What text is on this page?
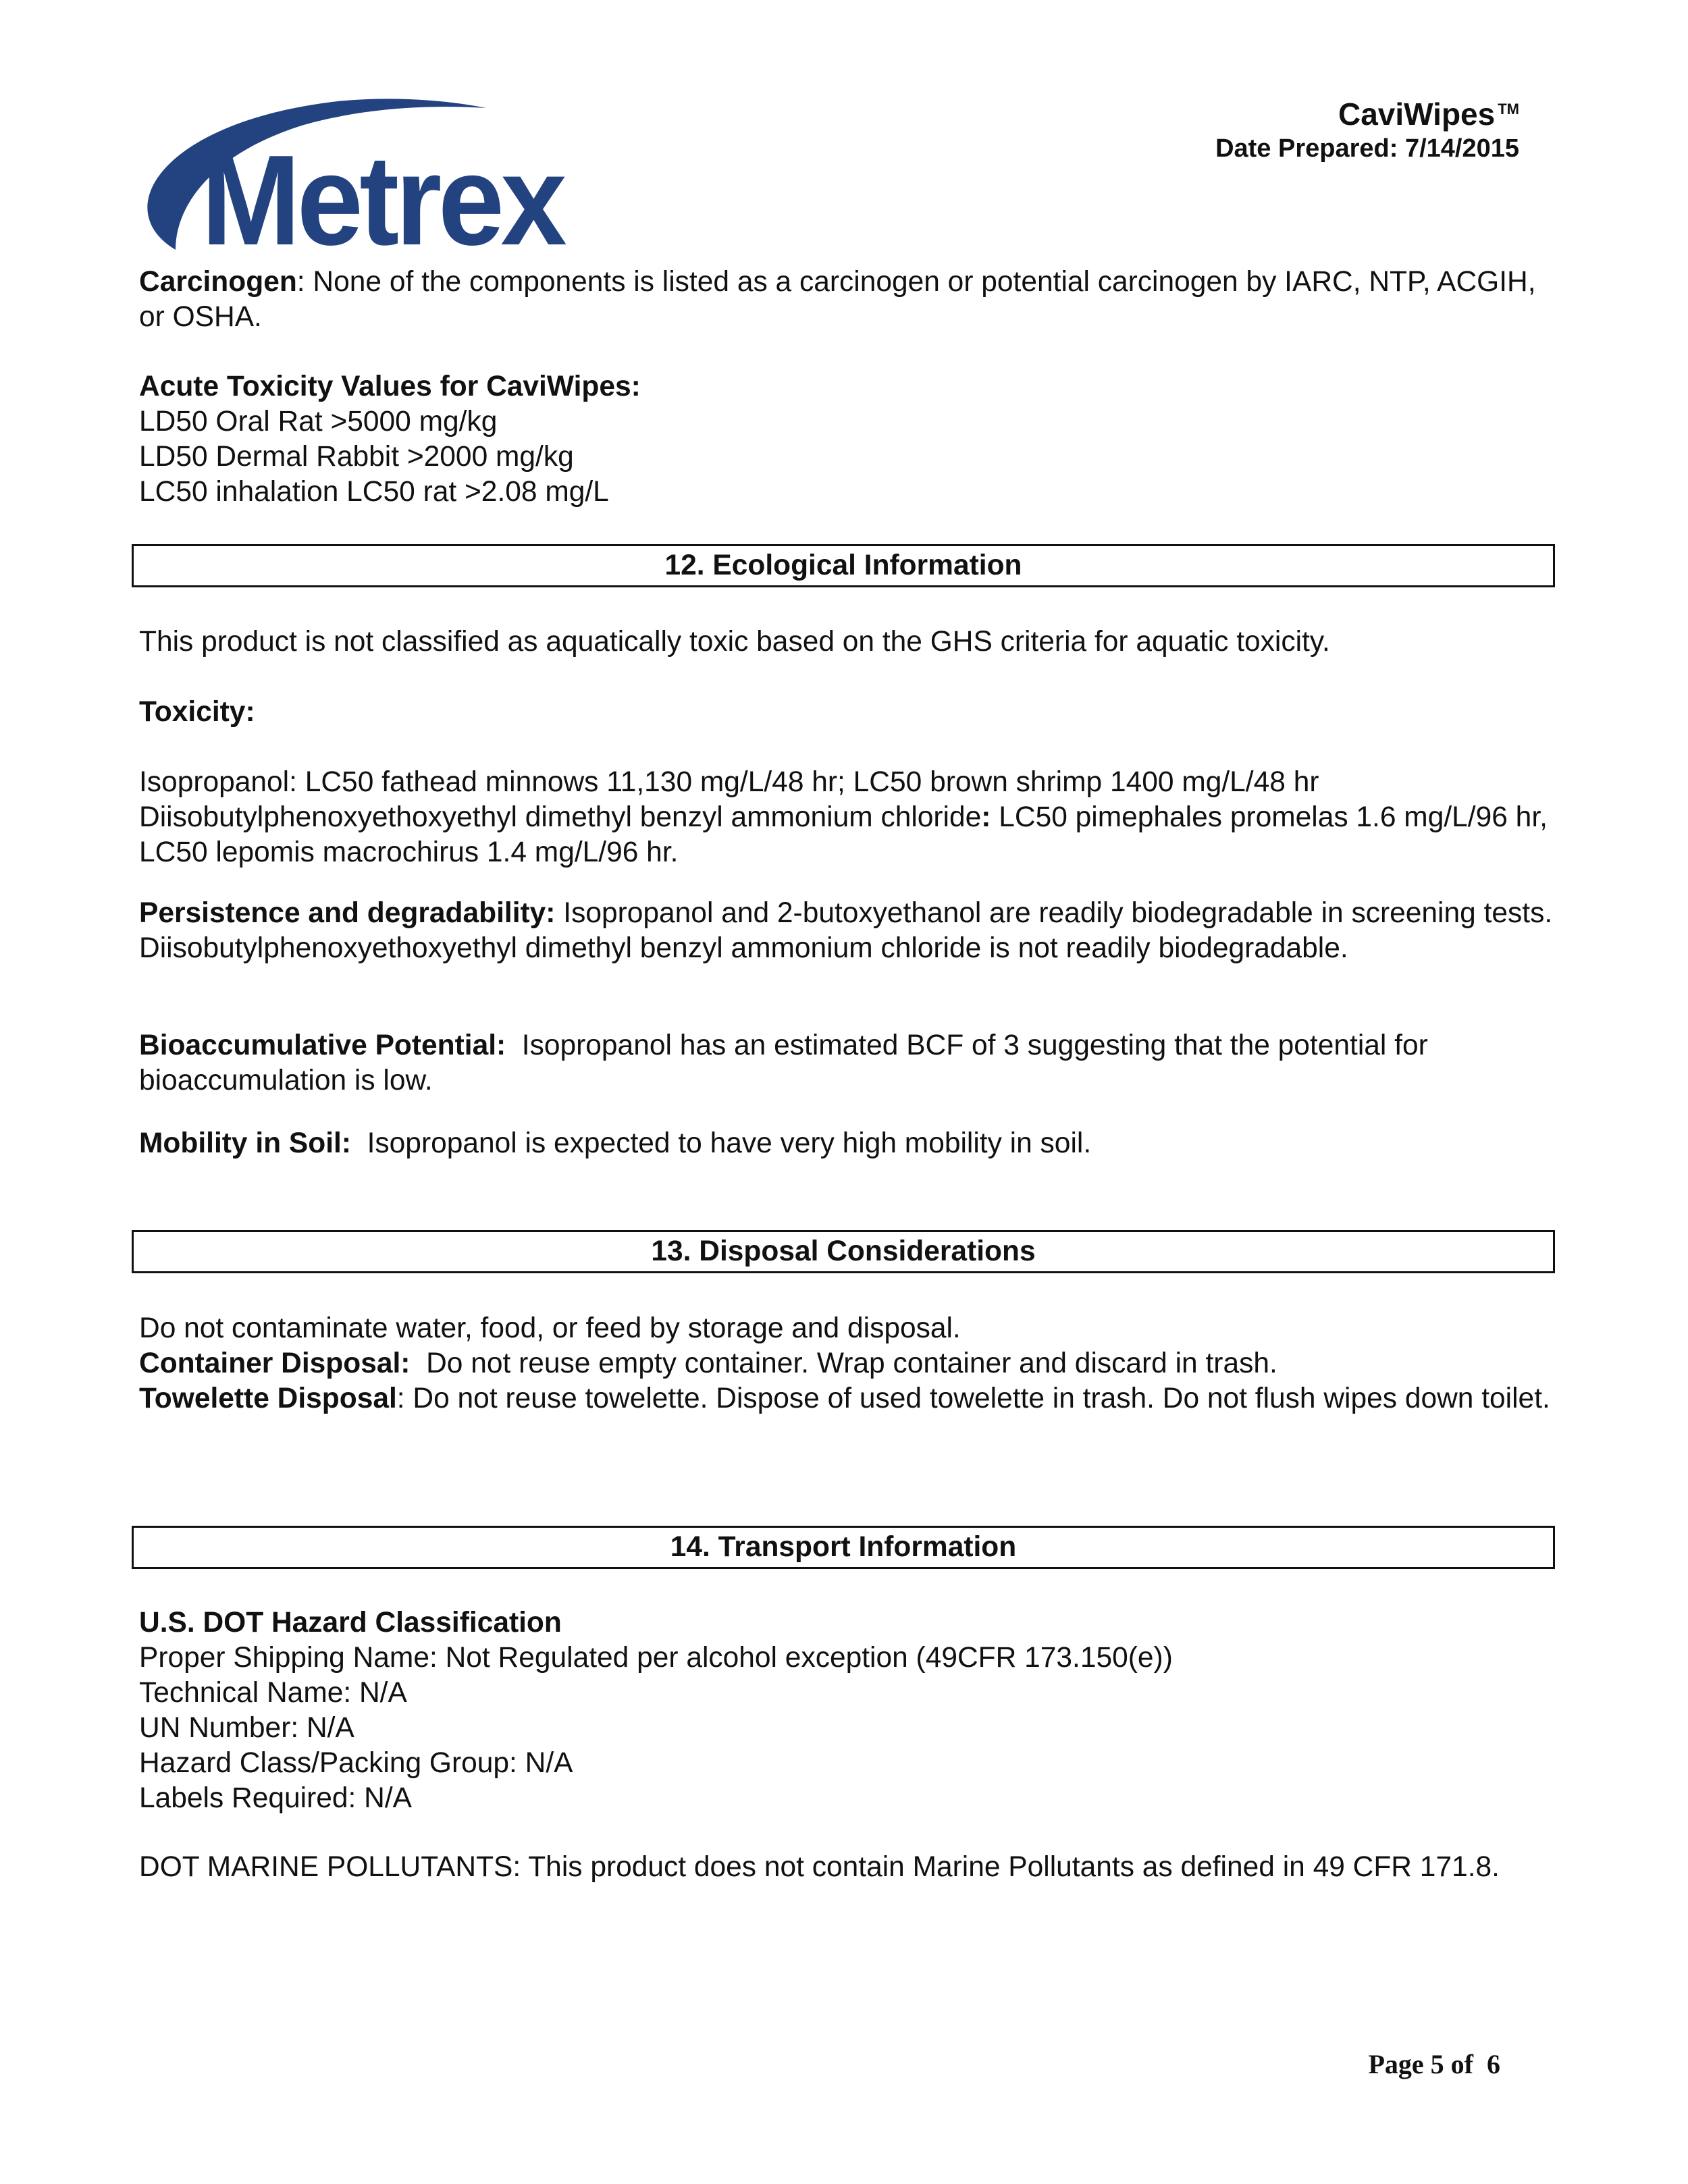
Metrex
CaviWipes ™
Date Prepared: 7/14/2015

Carcinogen: None of the components is listed as a carcinogen or potential carcinogen by IARC, NTP, ACGIH, or OSHA.

Acute Toxicity Values for CaviWipes:

LD50 Oral Rat >5000 mg/kg

LD50 Dermal Rabbit >2000 mg/kg

LC50 inhalation LC50 rat >2.08 mg/L

12. Ecological Information

This product is not classified as aquatically toxic based on the GHS criteria for aquatic toxicity.

Toxicity:

Isopropanol: LC50 fathead minnows 11,130 mg/L/48 hr; LC50 brown shrimp 1400 mg/L/48 hr

Diisobutylphenoxyethoxyethyl dimethyl benzyl ammonium chloride: LC50 pimephales promelas 1.6 mg/L/96 hr, LC50 lepomis macrochirus 1.4 mg/L/96 hr.

Persistence and degradability: Isopropanol and 2-butoxyethanol are readily biodegradable in screening tests. Diisobutylphenoxyethoxyethyl dimethyl benzyl ammonium chloride is not readily biodegradable.

Bioaccumulative Potential:  Isopropanol has an estimated BCF of 3 suggesting that the potential for bioaccumulation is low.

Mobility in Soil:  Isopropanol is expected to have very high mobility in soil.

13. Disposal Considerations

Do not contaminate water, food, or feed by storage and disposal.

Container Disposal:  Do not reuse empty container. Wrap container and discard in trash.

Towelette Disposal: Do not reuse towelette. Dispose of used towelette in trash. Do not flush wipes down toilet.

14. Transport Information

U.S. DOT Hazard Classification

Proper Shipping Name: Not Regulated per alcohol exception (49CFR 173.150(e))

Technical Name: N/A

UN Number: N/A

Hazard Class/Packing Group: N/A

Labels Required: N/A

DOT MARINE POLLUTANTS: This product does not contain Marine Pollutants as defined in 49 CFR 171.8.

Page 5 of  6
